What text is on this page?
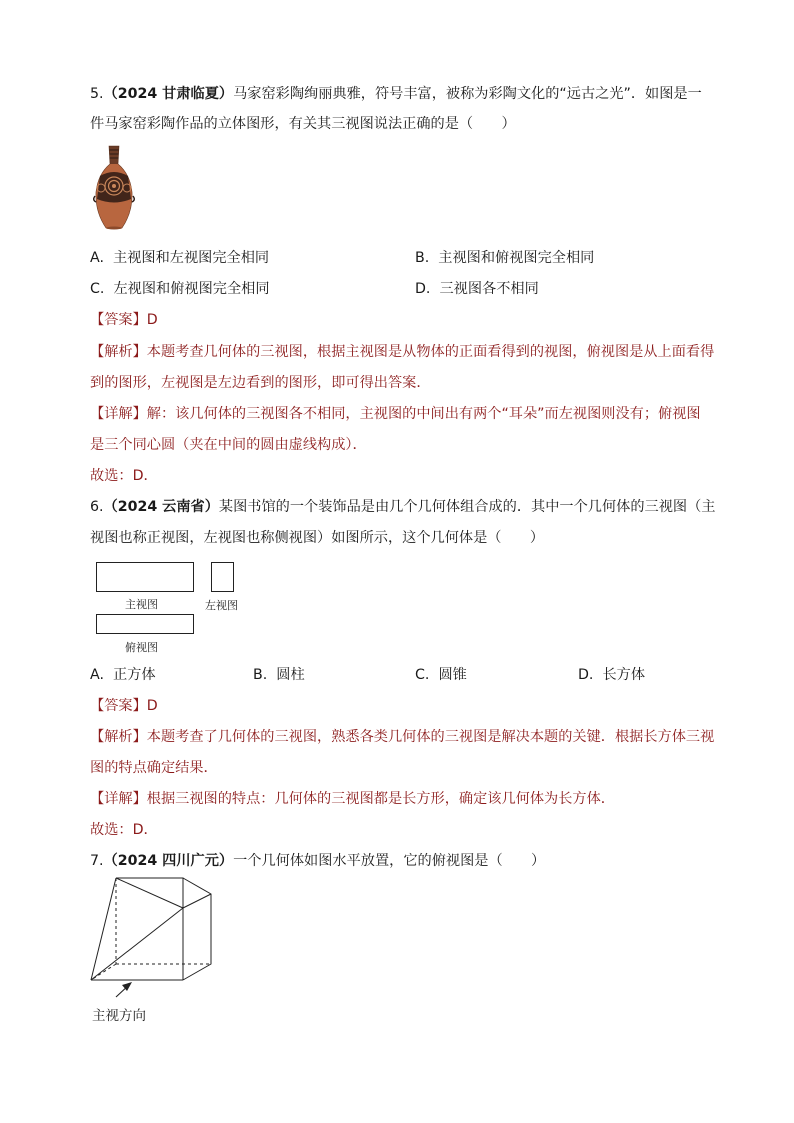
5.（2024 甘肃临夏）马家窑彩陶绚丽典雅，符号丰富，被称为彩陶文化的“远古之光”．如图是一
件马家窑彩陶作品的立体图形，有关其三视图说法正确的是（　　）
A. 主视图和左视图完全相同	B. 主视图和俯视图完全相同
C. 左视图和俯视图完全相同	D. 三视图各不相同
【答案】D
【解析】本题考查几何体的三视图，根据主视图是从物体的正面看得到的视图，俯视图是从上面看得
到的图形，左视图是左边看到的图形，即可得出答案．
【详解】解：该几何体的三视图各不相同，主视图的中间出有两个“耳朵”而左视图则没有；俯视图
是三个同心圆（夹在中间的圆由虚线构成）．
故选：D．
6.（2024 云南省）某图书馆的一个装饰品是由几个几何体组合成的．其中一个几何体的三视图（主
视图也称正视图，左视图也称侧视图）如图所示，这个几何体是（　　）
主视图	左视图
俯视图
A. 正方体	B. 圆柱	C. 圆锥	D. 长方体
【答案】D
【解析】本题考查了几何体的三视图，熟悉各类几何体的三视图是解决本题的关键．根据长方体三视
图的特点确定结果．
【详解】根据三视图的特点：几何体的三视图都是长方形，确定该几何体为长方体．
故选：D．
7.（2024 四川广元）一个几何体如图水平放置，它的俯视图是（　　）
主视方向
